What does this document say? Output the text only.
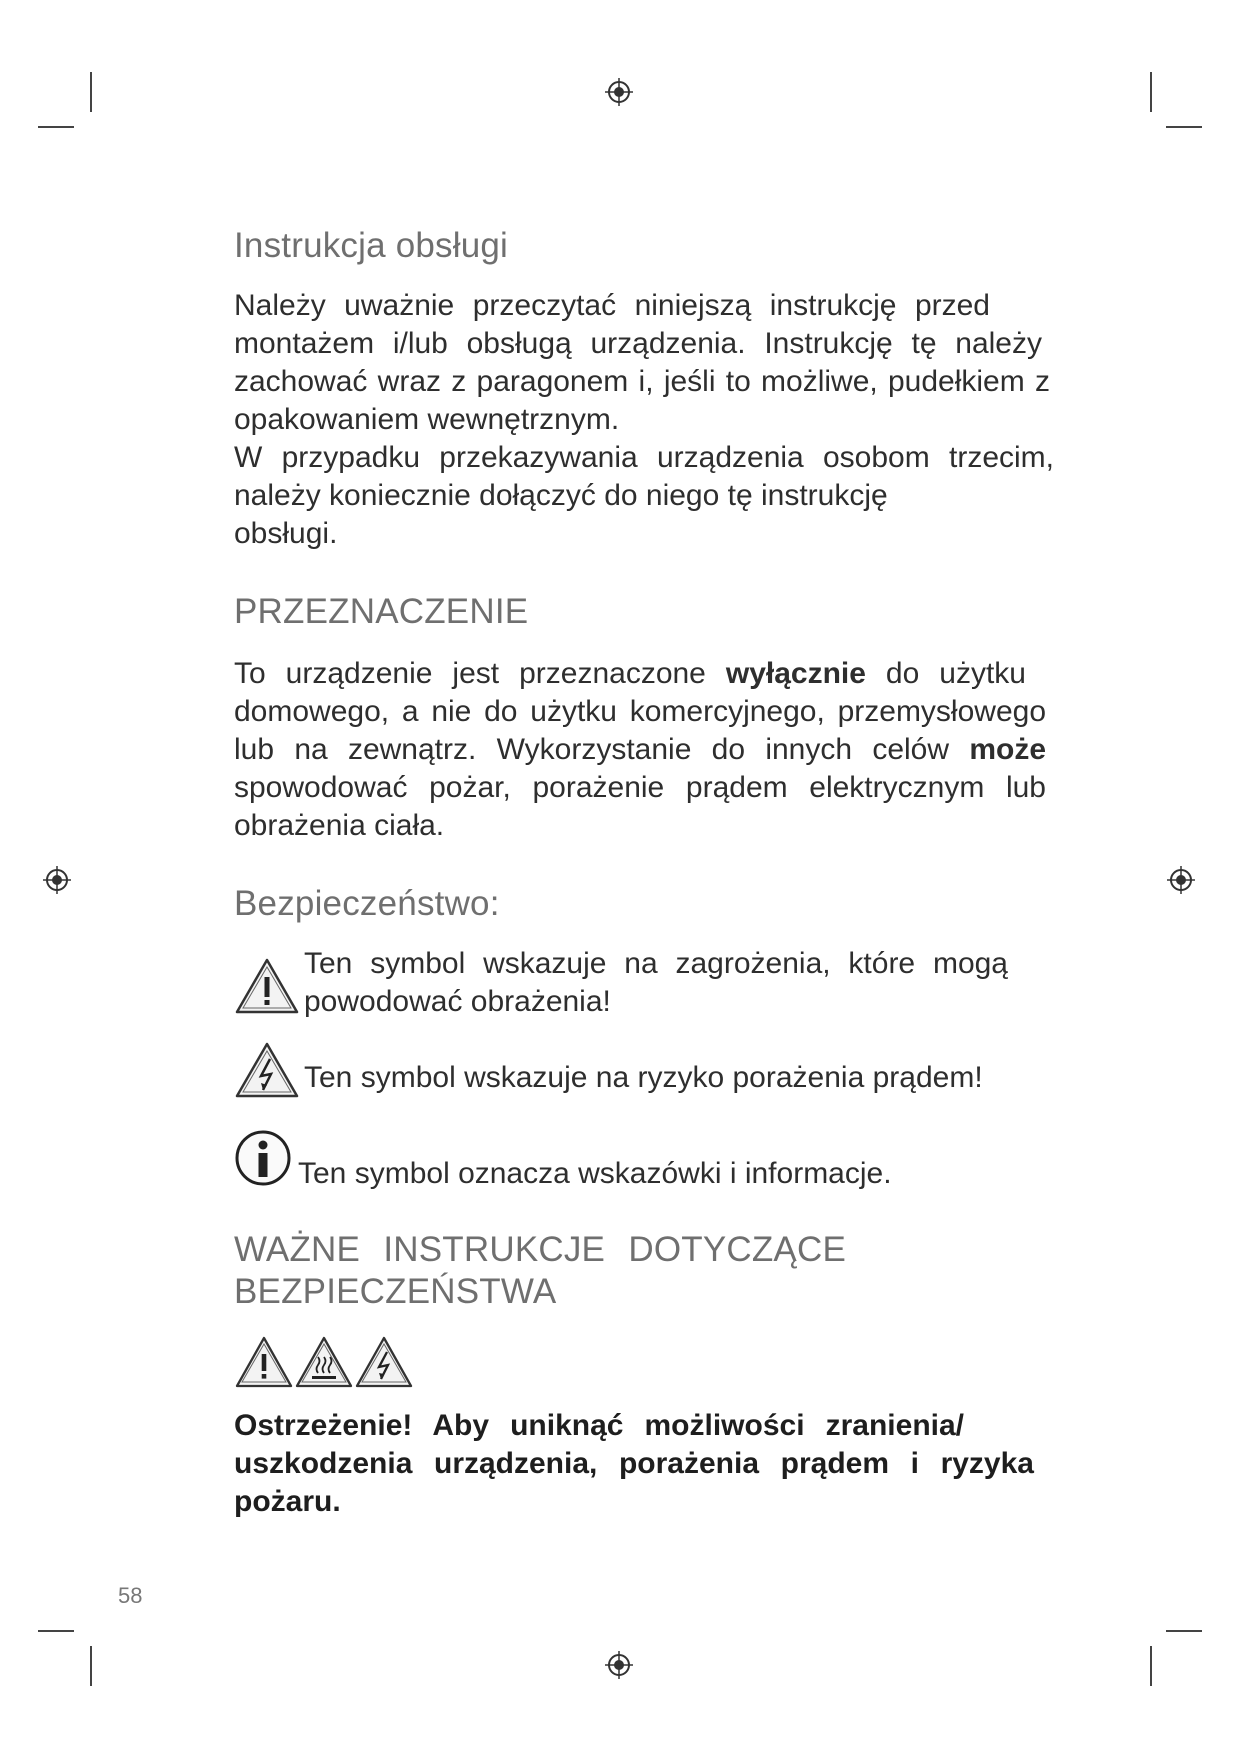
Instrukcja obsługi
Należy uważnie przeczytać niniejszą instrukcję przed
montażem i/lub obsługą urządzenia. Instrukcję tę należy
zachować wraz z paragonem i, jeśli to możliwe, pudełkiem z
opakowaniem wewnętrznym.
W przypadku przekazywania urządzenia osobom trzecim,
należy koniecznie dołączyć do niego tę instrukcję obsługi.
PRZEZNACZENIE
To urządzenie jest przeznaczone wyłącznie do użytku
domowego, a nie do użytku komercyjnego, przemysłowego
lub na zewnątrz. Wykorzystanie do innych celów może
spowodować pożar, porażenie prądem elektrycznym lub
obrażenia ciała.
Bezpieczeństwo:
Ten symbol wskazuje na zagrożenia, które mogą
powodować obrażenia!
Ten symbol wskazuje na ryzyko porażenia prądem!
Ten symbol oznacza wskazówki i informacje.
WAŻNE INSTRUKCJE DOTYCZĄCE
BEZPIECZEŃSTWA
Ostrzeżenie! Aby uniknąć możliwości zranienia/
uszkodzenia urządzenia, porażenia prądem i ryzyka
pożaru.
58
